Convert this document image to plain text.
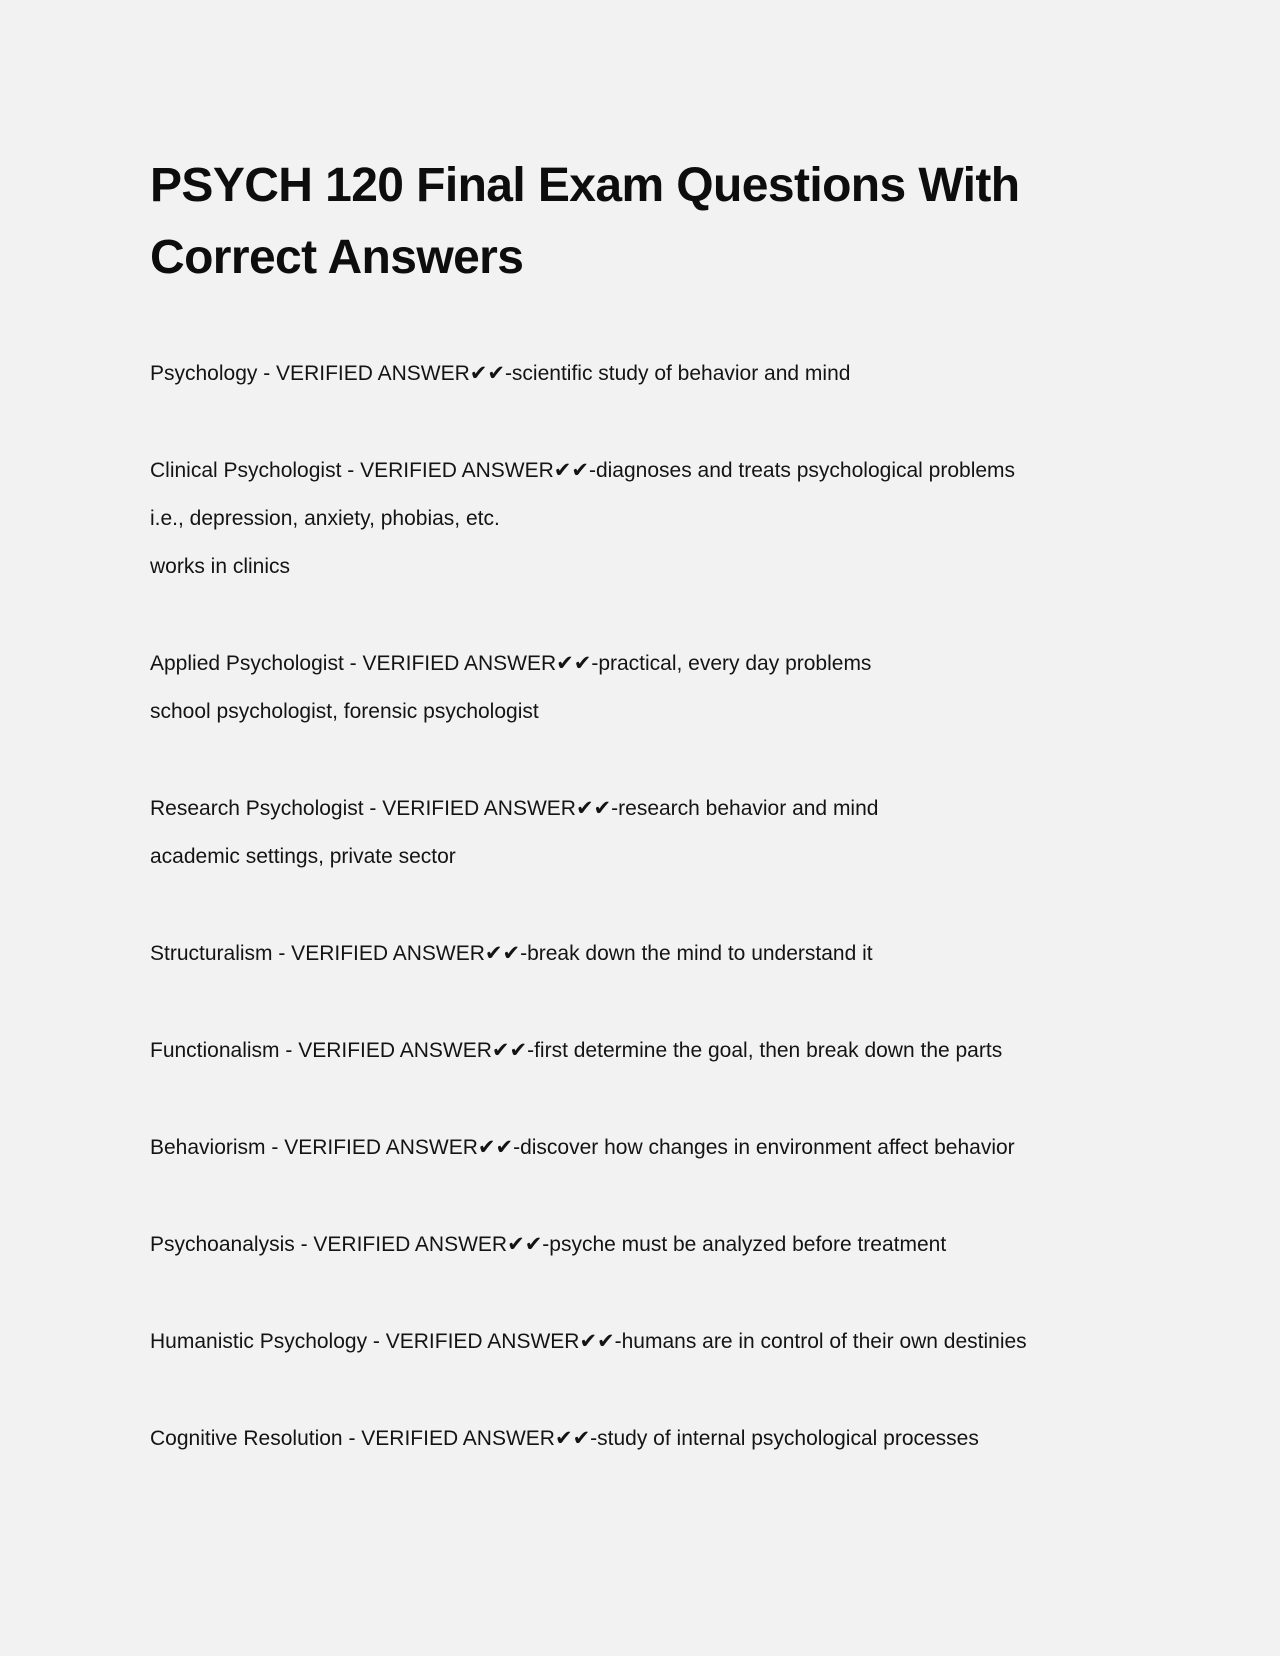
PSYCH 120 Final Exam Questions With Correct Answers

Psychology - VERIFIED ANSWER✔✔-scientific study of behavior and mind

Clinical Psychologist - VERIFIED ANSWER✔✔-diagnoses and treats psychological problems
i.e., depression, anxiety, phobias, etc.
works in clinics

Applied Psychologist - VERIFIED ANSWER✔✔-practical, every day problems
school psychologist, forensic psychologist

Research Psychologist - VERIFIED ANSWER✔✔-research behavior and mind
academic settings, private sector

Structuralism - VERIFIED ANSWER✔✔-break down the mind to understand it

Functionalism - VERIFIED ANSWER✔✔-first determine the goal, then break down the parts

Behaviorism - VERIFIED ANSWER✔✔-discover how changes in environment affect behavior

Psychoanalysis - VERIFIED ANSWER✔✔-psyche must be analyzed before treatment

Humanistic Psychology - VERIFIED ANSWER✔✔-humans are in control of their own destinies

Cognitive Resolution - VERIFIED ANSWER✔✔-study of internal psychological processes
